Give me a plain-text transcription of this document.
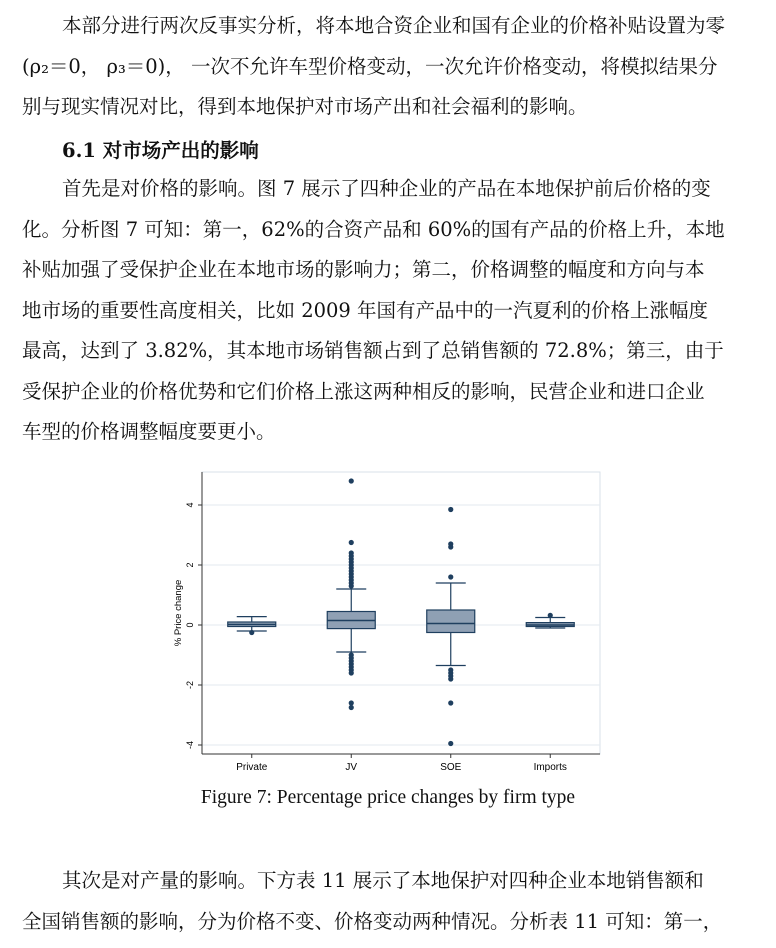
本部分进行两次反事实分析，将本地合资企业和国有企业的价格补贴设置为零
(ρ₂＝0， ρ₃＝0)， 一次不允许车型价格变动，一次允许价格变动，将模拟结果分
别与现实情况对比，得到本地保护对市场产出和社会福利的影响。
6.1 对市场产出的影响
首先是对价格的影响。图 7 展示了四种企业的产品在本地保护前后价格的变
化。分析图 7 可知：第一，62%的合资产品和 60%的国有产品的价格上升，本地
补贴加强了受保护企业在本地市场的影响力；第二，价格调整的幅度和方向与本
地市场的重要性高度相关，比如 2009 年国有产品中的一汽夏利的价格上涨幅度
最高，达到了 3.82%，其本地市场销售额占到了总销售额的 72.8%；第三，由于
受保护企业的价格优势和它们价格上涨这两种相反的影响，民营企业和进口企业
车型的价格调整幅度要更小。
-4
-2
0
2
4
Private	JV	SOE	Imports
% Price change
Figure 7: Percentage price changes by firm type
其次是对产量的影响。下方表 11 展示了本地保护对四种企业本地销售额和
全国销售额的影响，分为价格不变、价格变动两种情况。分析表 11 可知：第一，
